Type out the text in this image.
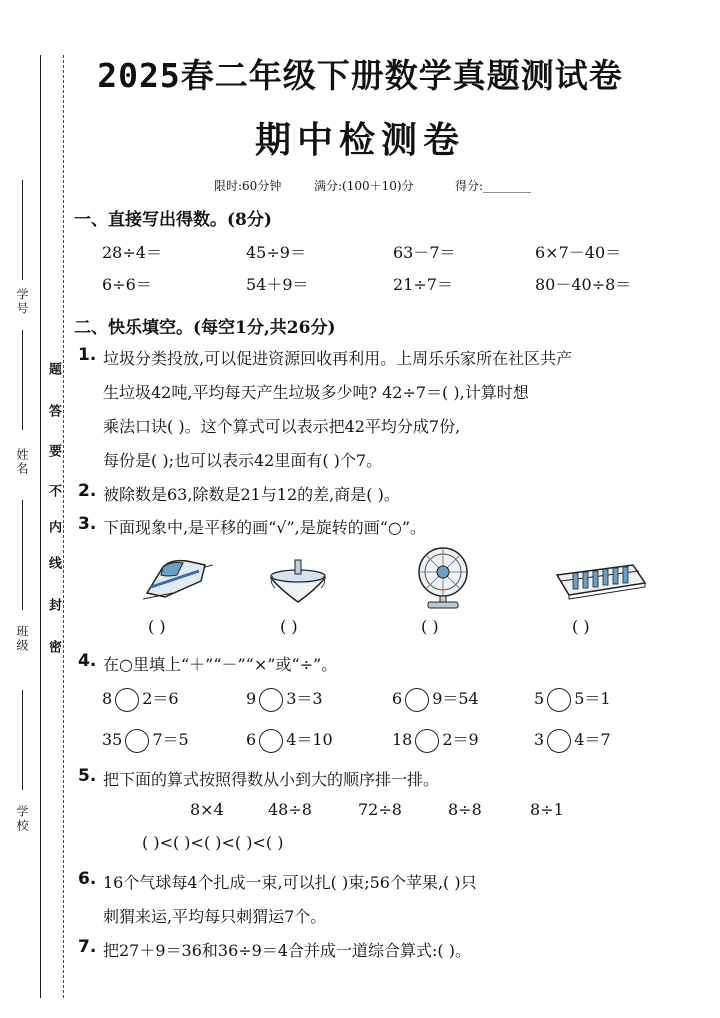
学号
姓名
班级
学校
题
答
要
不
内
线
封
密
2025春二年级下册数学真题测试卷
期中检测卷
限时:60分钟	满分:(100＋10)分	得分:________
一、直接写出得数。(8分)
28÷4＝	45÷9＝	63－7＝	6×7－40＝
6÷6＝	54＋9＝	21÷7＝	80－40÷8＝
二、快乐填空。(每空1分,共26分)
1. 垃圾分类投放,可以促进资源回收再利用。上周乐乐家所在社区共产
生垃圾42吨,平均每天产生垃圾多少吨? 42÷7＝( ),计算时想
乘法口诀( )。这个算式可以表示把42平均分成7份,
每份是( );也可以表示42里面有( )个7。
2. 被除数是63,除数是21与12的差,商是( )。
3. 下面现象中,是平移的画“√”,是旋转的画“○”。
( )	( )	( )	( )
4. 在○里填上“＋”“－”“×”或“÷”。
8 2＝6	9 3＝3	6 9＝54	5 5＝1
35 7＝5	6 4＝10	18 2＝9	3 4＝7
5. 把下面的算式按照得数从小到大的顺序排一排。
8×4	48÷8	72÷8	8÷8	8÷1
( )<( )<( )<( )<( )
6. 16个气球每4个扎成一束,可以扎( )束;56个苹果,( )只
刺猬来运,平均每只刺猬运7个。
7. 把27＋9＝36和36÷9＝4合并成一道综合算式:( )。
